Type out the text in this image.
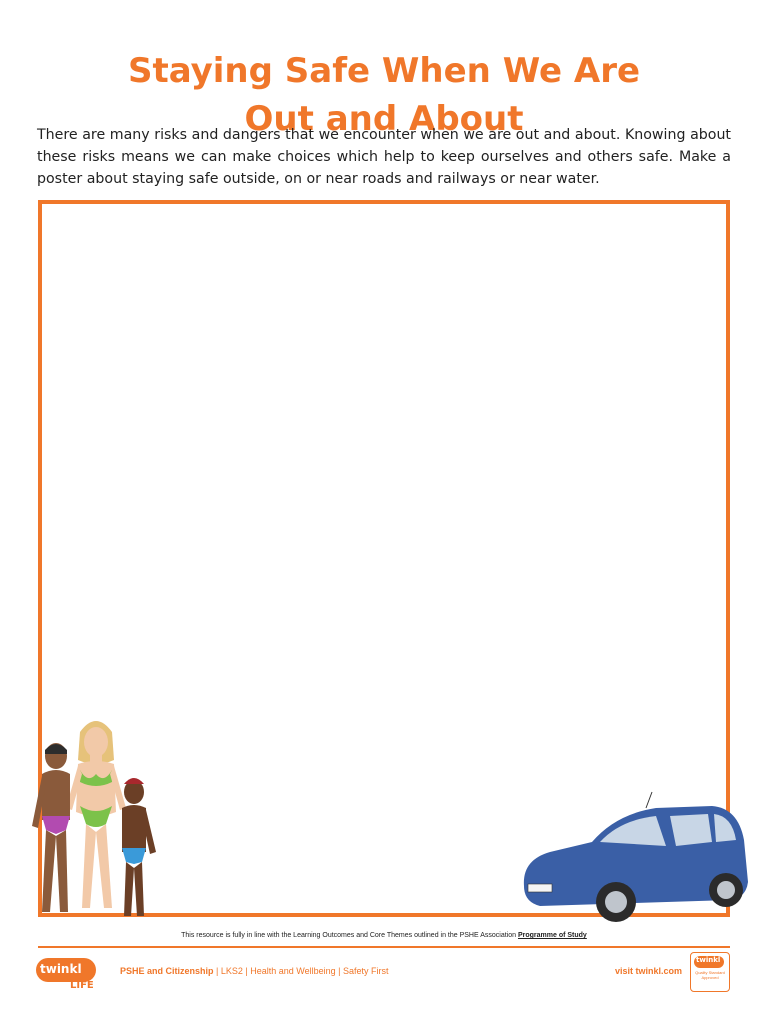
Staying Safe When We Are
Out and About

There are many risks and dangers that we encounter when we are out and about. Knowing about these risks means we can make choices which help to keep ourselves and others safe. Make a poster about staying safe outside, on or near roads and railways or near water.

This resource is fully in line with the Learning Outcomes and Core Themes outlined in the PSHE Association Programme of Study
twinkl
LIFE
PSHE and Citizenship | LKS2 | Health and Wellbeing | Safety First	visit twinkl.com
twinkl
Quality Standard Approved
